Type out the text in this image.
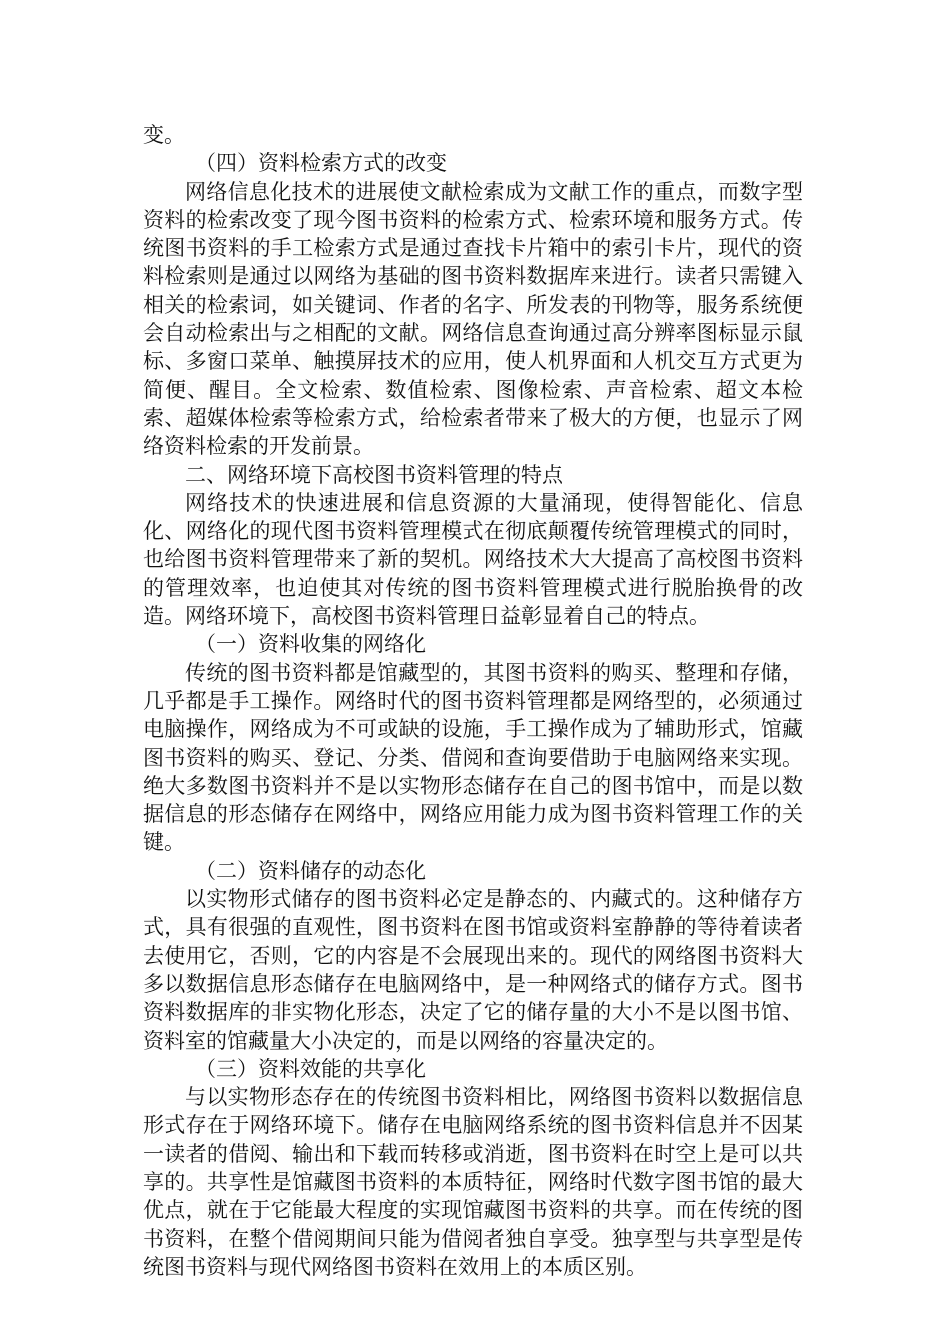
变。

（四）资料检索方式的改变

网络信息化技术的进展使文献检索成为文献工作的重点，而数字型资料的检索改变了现今图书资料的检索方式、检索环境和服务方式。传统图书资料的手工检索方式是通过查找卡片箱中的索引卡片，现代的资料检索则是通过以网络为基础的图书资料数据库来进行。读者只需键入相关的检索词，如关键词、作者的名字、所发表的刊物等，服务系统便会自动检索出与之相配的文献。网络信息查询通过高分辨率图标显示鼠标、多窗口菜单、触摸屏技术的应用，使人机界面和人机交互方式更为简便、醒目。全文检索、数值检索、图像检索、声音检索、超文本检索、超媒体检索等检索方式，给检索者带来了极大的方便，也显示了网络资料检索的开发前景。

二、网络环境下高校图书资料管理的特点

网络技术的快速进展和信息资源的大量涌现，使得智能化、信息化、网络化的现代图书资料管理模式在彻底颠覆传统管理模式的同时，也给图书资料管理带来了新的契机。网络技术大大提高了高校图书资料的管理效率，也迫使其对传统的图书资料管理模式进行脱胎换骨的改造。网络环境下，高校图书资料管理日益彰显着自己的特点。

（一）资料收集的网络化

传统的图书资料都是馆藏型的，其图书资料的购买、整理和存储，几乎都是手工操作。网络时代的图书资料管理都是网络型的，必须通过电脑操作，网络成为不可或缺的设施，手工操作成为了辅助形式，馆藏图书资料的购买、登记、分类、借阅和查询要借助于电脑网络来实现。绝大多数图书资料并不是以实物形态储存在自己的图书馆中，而是以数据信息的形态储存在网络中，网络应用能力成为图书资料管理工作的关键。

（二）资料储存的动态化

以实物形式储存的图书资料必定是静态的、内藏式的。这种储存方式，具有很强的直观性，图书资料在图书馆或资料室静静的等待着读者去使用它，否则，它的内容是不会展现出来的。现代的网络图书资料大多以数据信息形态储存在电脑网络中，是一种网络式的储存方式。图书资料数据库的非实物化形态，决定了它的储存量的大小不是以图书馆、资料室的馆藏量大小决定的，而是以网络的容量决定的。

（三）资料效能的共享化

与以实物形态存在的传统图书资料相比，网络图书资料以数据信息形式存在于网络环境下。储存在电脑网络系统的图书资料信息并不因某一读者的借阅、输出和下载而转移或消逝，图书资料在时空上是可以共享的。共享性是馆藏图书资料的本质特征，网络时代数字图书馆的最大优点，就在于它能最大程度的实现馆藏图书资料的共享。而在传统的图书资料，在整个借阅期间只能为借阅者独自享受。独享型与共享型是传统图书资料与现代网络图书资料在效用上的本质区别。
